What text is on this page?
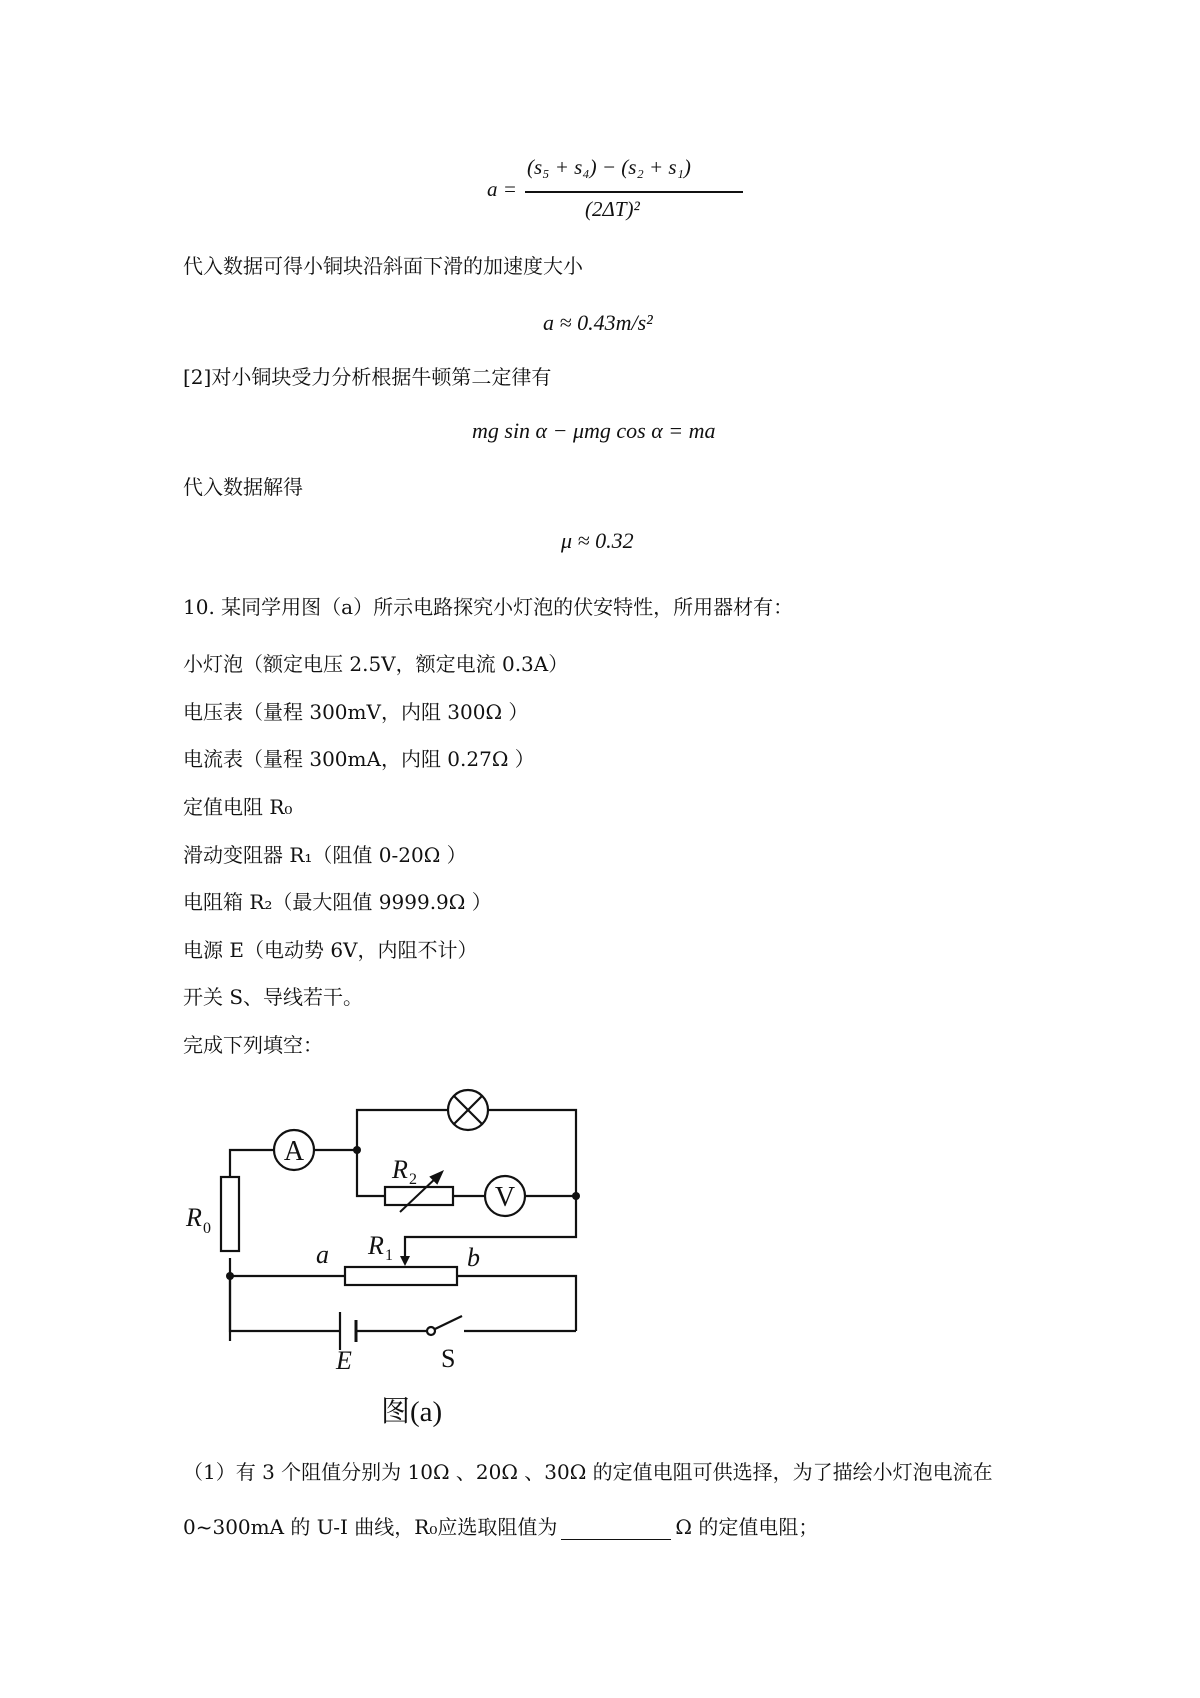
a =
(s₅ + s₄) − (s₂ + s₁)
(2ΔT)²
代入数据可得小铜块沿斜面下滑的加速度大小
a ≈ 0.43m/s²
[2]对小铜块受力分析根据牛顿第二定律有
mg sin α − μmg cos α = ma
代入数据解得
μ ≈ 0.32
10. 某同学用图（a）所示电路探究小灯泡的伏安特性，所用器材有：
小灯泡（额定电压 2.5V，额定电流 0.3A）
电压表（量程 300mV，内阻 300Ω ）
电流表（量程 300mA，内阻 0.27Ω ）
定值电阻 R₀
滑动变阻器 R₁（阻值 0-20Ω ）
电阻箱 R₂（最大阻值 9999.9Ω ）
电源 E（电动势 6V，内阻不计）
开关 S、导线若干。
完成下列填空：
A
V
R 2
R 0
R 1
a	b
E	S
图(a)
（1）有 3 个阻值分别为 10Ω 、20Ω 、30Ω 的定值电阻可供选择，为了描绘小灯泡电流在
0~300mA 的 U-I 曲线，R₀应选取阻值为	Ω 的定值电阻；
